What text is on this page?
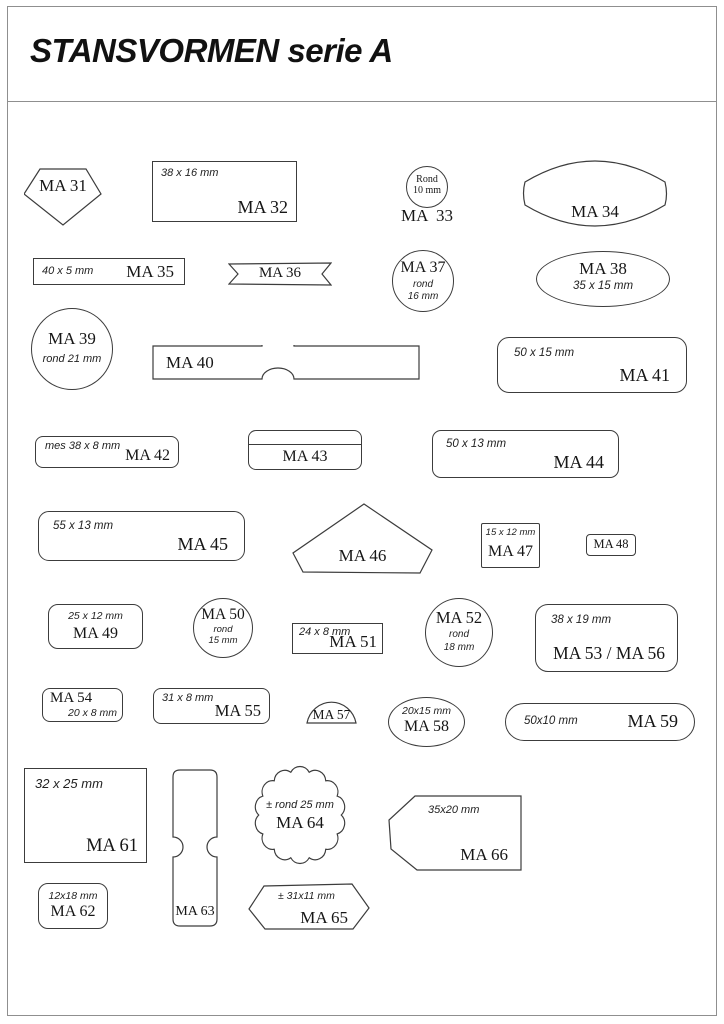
STANSVORMEN serie A
MA 31
38 x 16 mm
MA 32
Rond
10 mm
MA  33	MA 34
40 x 5 mm MA 35	MA 36	MA 37
rond
16 mm
MA 38
35 x 15 mm
MA 39
rond 21 mm	MA 40	50 x 15 mm
MA 41
mes 38 x 8 mm
MA 42	MA 43
50 x 13 mm
MA 44
55 x 13 mm
MA 45
MA 46
15 x 12 mm
MA 47	MA 48
25 x 12 mm
MA 49
MA 50
rond
15 mm
24 x 8 mm
MA 51
MA 52
rond
18 mm
38 x 19 mm
MA 53 / MA 56
MA 54
20 x 8 mm
31 x 8 mm
MA 55	MA 57	20x15 mm
MA 58	50x10 mm	MA 59
32 x 25 mm
MA 61
12x18 mm
MA 62	MA 63
± rond 25 mm
MA 64
± 31x11 mm
MA 65
35x20 mm
MA 66
